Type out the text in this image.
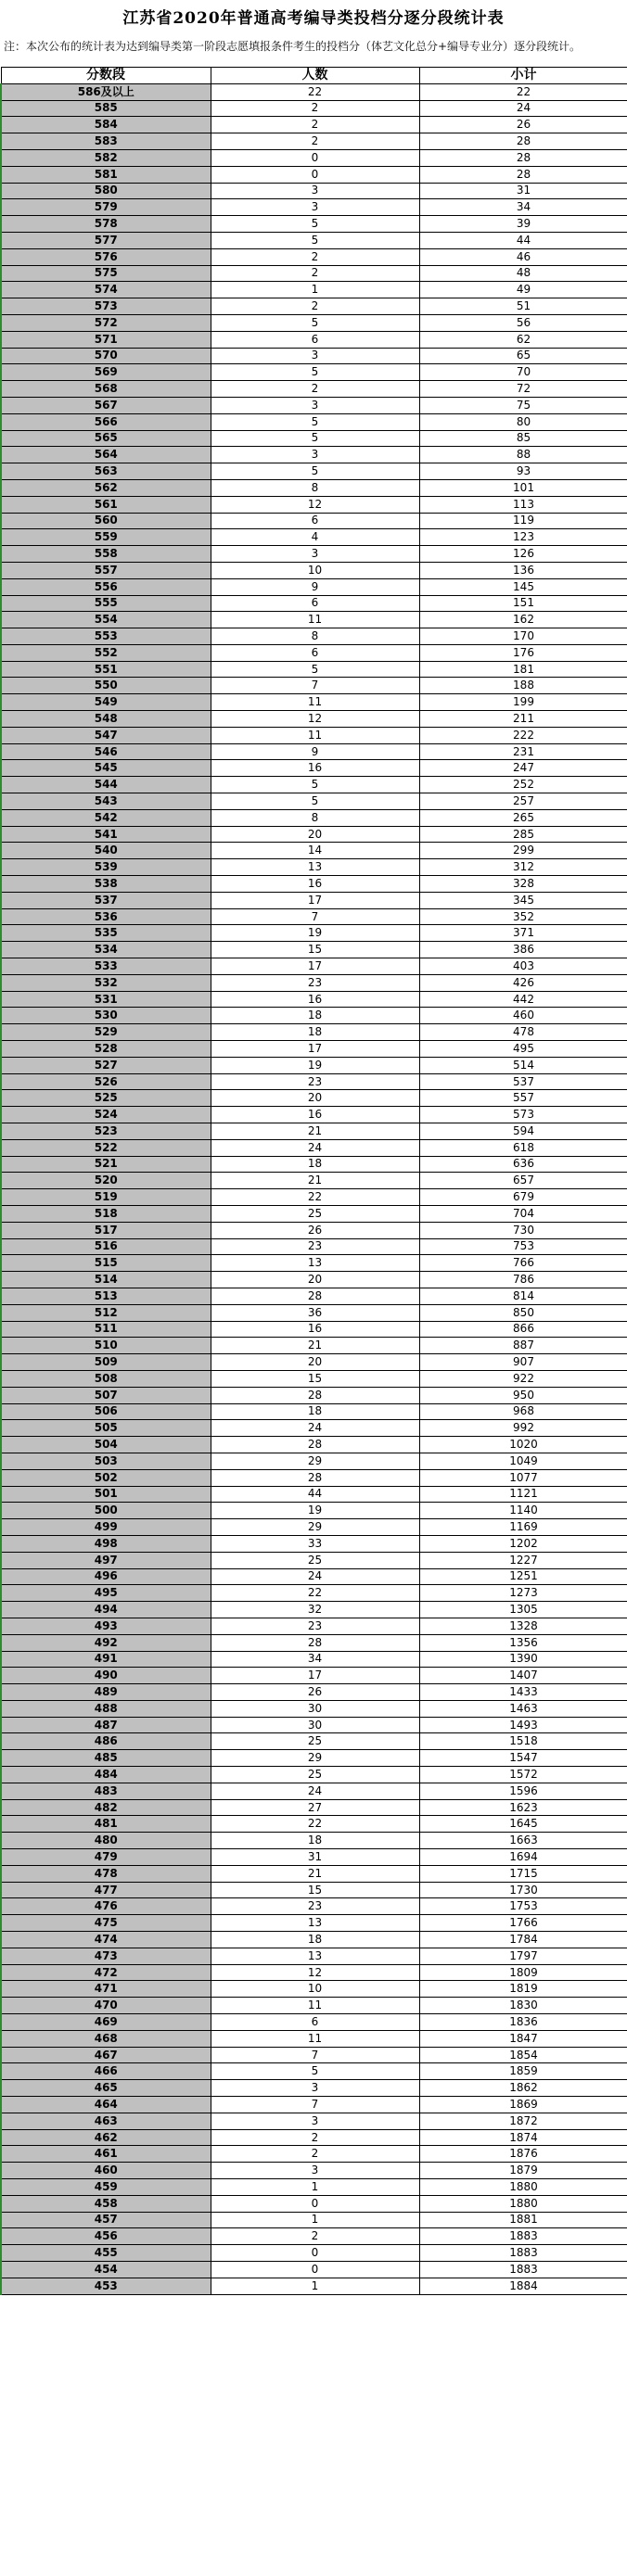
江苏省2020年普通高考编导类投档分逐分段统计表
注：本次公布的统计表为达到编导类第一阶段志愿填报条件考生的投档分（体艺文化总分+编导专业分）逐分段统计。
分数段	人数	小计
586及以上	22	22
585	2	24
584	2	26
583	2	28
582	0	28
581	0	28
580	3	31
579	3	34
578	5	39
577	5	44
576	2	46
575	2	48
574	1	49
573	2	51
572	5	56
571	6	62
570	3	65
569	5	70
568	2	72
567	3	75
566	5	80
565	5	85
564	3	88
563	5	93
562	8	101
561	12	113
560	6	119
559	4	123
558	3	126
557	10	136
556	9	145
555	6	151
554	11	162
553	8	170
552	6	176
551	5	181
550	7	188
549	11	199
548	12	211
547	11	222
546	9	231
545	16	247
544	5	252
543	5	257
542	8	265
541	20	285
540	14	299
539	13	312
538	16	328
537	17	345
536	7	352
535	19	371
534	15	386
533	17	403
532	23	426
531	16	442
530	18	460
529	18	478
528	17	495
527	19	514
526	23	537
525	20	557
524	16	573
523	21	594
522	24	618
521	18	636
520	21	657
519	22	679
518	25	704
517	26	730
516	23	753
515	13	766
514	20	786
513	28	814
512	36	850
511	16	866
510	21	887
509	20	907
508	15	922
507	28	950
506	18	968
505	24	992
504	28	1020
503	29	1049
502	28	1077
501	44	1121
500	19	1140
499	29	1169
498	33	1202
497	25	1227
496	24	1251
495	22	1273
494	32	1305
493	23	1328
492	28	1356
491	34	1390
490	17	1407
489	26	1433
488	30	1463
487	30	1493
486	25	1518
485	29	1547
484	25	1572
483	24	1596
482	27	1623
481	22	1645
480	18	1663
479	31	1694
478	21	1715
477	15	1730
476	23	1753
475	13	1766
474	18	1784
473	13	1797
472	12	1809
471	10	1819
470	11	1830
469	6	1836
468	11	1847
467	7	1854
466	5	1859
465	3	1862
464	7	1869
463	3	1872
462	2	1874
461	2	1876
460	3	1879
459	1	1880
458	0	1880
457	1	1881
456	2	1883
455	0	1883
454	0	1883
453	1	1884
